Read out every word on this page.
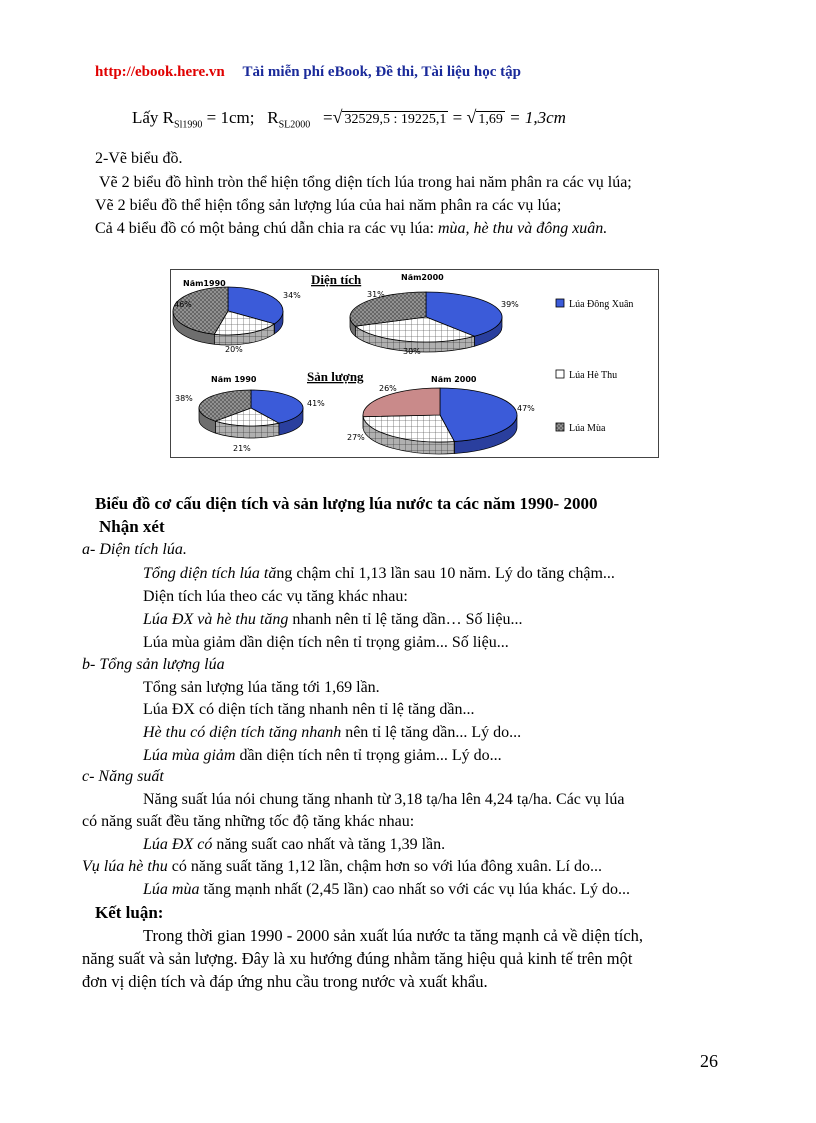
http://ebook.here.vn Tải miễn phí eBook, Đề thi, Tài liệu học tập
Lấy $R_{Sl1990} = 1cm$; $R_{SL2000}$ =√ 32529,5 : 19225,1 = √ 1,69 = 1,3cm
2-Vẽ biểu đồ.
Vẽ 2 biểu đồ hình tròn thể hiện tổng diện tích lúa trong hai năm phân ra các vụ lúa;
Vẽ 2 biểu đồ thể hiện tổng sản lượng lúa của hai năm phân ra các vụ lúa;
Cả 4 biểu đồ có một bảng chú dẫn chia ra các vụ lúa: mùa, hè thu và đông xuân.
Diện tích
Năm1990
34%
20%
46%
Năm2000
39%
30%
31%
Sản lượng
Năm 1990
41%
21%
38%
Năm 2000
47%
27%
26%
Lúa Đông Xuân
Lúa Hè Thu
Lúa Mùa
Biểu đồ cơ cấu diện tích và sản lượng lúa nước ta các năm 1990- 2000
Nhận xét
a- Diện tích lúa.
Tổng diện tích lúa tăng chậm chỉ 1,13 lần sau 10 năm. Lý do tăng chậm...
Diện tích lúa theo các vụ tăng khác nhau:
Lúa ĐX và hè thu tăng nhanh nên tỉ lệ tăng dần… Số liệu...
Lúa mùa giảm dần diện tích nên tỉ trọng giảm... Số liệu...
b- Tổng sản lượng lúa
Tổng sản lượng lúa tăng tới 1,69 lần.
Lúa ĐX có diện tích tăng nhanh nên tỉ lệ tăng dần...
Hè thu có diện tích tăng nhanh nên tỉ lệ tăng dần... Lý do...
Lúa mùa giảm dần diện tích nên tỉ trọng giảm... Lý do...
c- Năng suất
Năng suất lúa nói chung tăng nhanh từ 3,18 tạ/ha lên 4,24 tạ/ha. Các vụ lúa
có năng suất đều tăng những tốc độ tăng khác nhau:
Lúa ĐX có năng suất cao nhất và tăng 1,39 lần.
Vụ lúa hè thu có năng suất tăng 1,12 lần, chậm hơn so với lúa đông xuân. Lí do...
Lúa mùa tăng mạnh nhất (2,45 lần) cao nhất so với các vụ lúa khác. Lý do...
Kết luận:
Trong thời gian 1990 - 2000 sản xuất lúa nước ta tăng mạnh cả về diện tích,
năng suất và sản lượng. Đây là xu hướng đúng nhằm tăng hiệu quả kinh tế trên một
đơn vị diện tích và đáp ứng nhu cầu trong nước và xuất khẩu.
26
